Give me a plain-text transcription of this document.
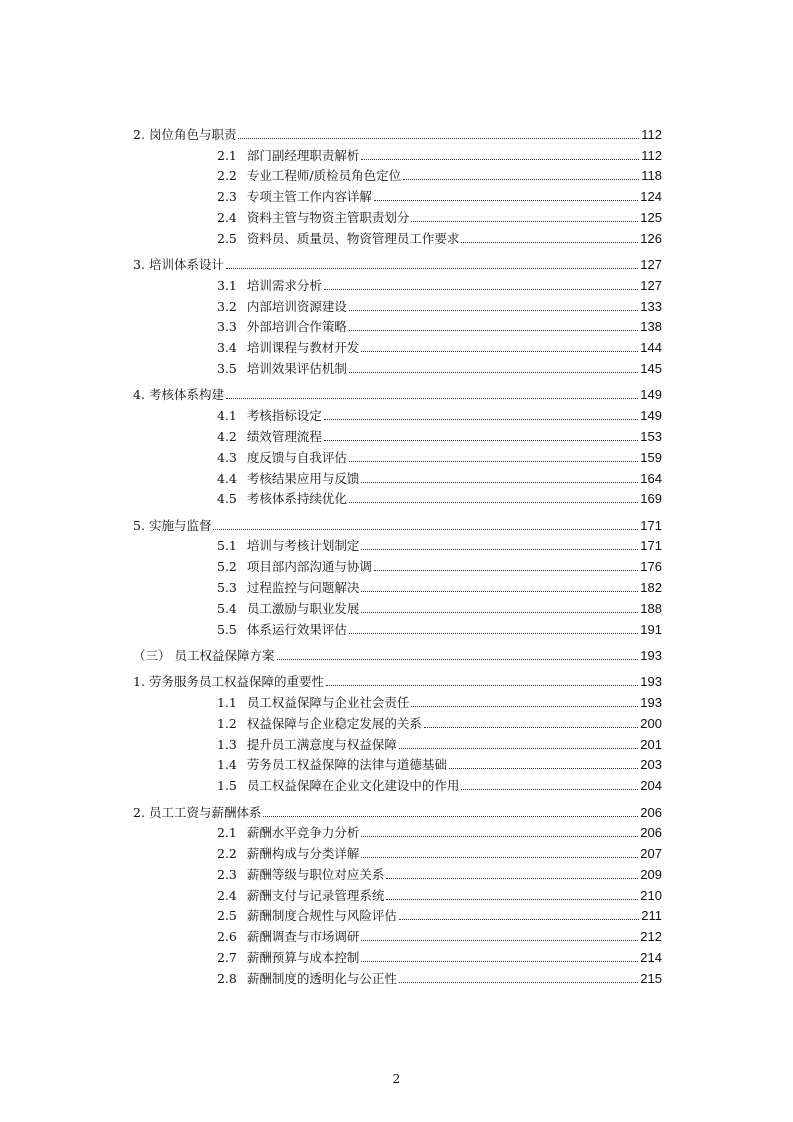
2. 岗位角色与职责	112
2.1 部门副经理职责解析	112
2.2 专业工程师/质检员角色定位	118
2.3 专项主管工作内容详解	124
2.4 资料主管与物资主管职责划分	125
2.5 资料员、质量员、物资管理员工作要求	126
3. 培训体系设计	127
3.1 培训需求分析	127
3.2 内部培训资源建设	133
3.3 外部培训合作策略	138
3.4 培训课程与教材开发	144
3.5 培训效果评估机制	145
4. 考核体系构建	149
4.1 考核指标设定	149
4.2 绩效管理流程	153
4.3 度反馈与自我评估	159
4.4 考核结果应用与反馈	164
4.5 考核体系持续优化	169
5. 实施与监督	171
5.1 培训与考核计划制定	171
5.2 项目部内部沟通与协调	176
5.3 过程监控与问题解决	182
5.4 员工激励与职业发展	188
5.5 体系运行效果评估	191
（三） 员工权益保障方案	193
1. 劳务服务员工权益保障的重要性	193
1.1 员工权益保障与企业社会责任	193
1.2 权益保障与企业稳定发展的关系	200
1.3 提升员工满意度与权益保障	201
1.4 劳务员工权益保障的法律与道德基础	203
1.5 员工权益保障在企业文化建设中的作用	204
2. 员工工资与薪酬体系	206
2.1 薪酬水平竞争力分析	206
2.2 薪酬构成与分类详解	207
2.3 薪酬等级与职位对应关系	209
2.4 薪酬支付与记录管理系统	210
2.5 薪酬制度合规性与风险评估	211
2.6 薪酬调查与市场调研	212
2.7 薪酬预算与成本控制	214
2.8 薪酬制度的透明化与公正性	215
2
